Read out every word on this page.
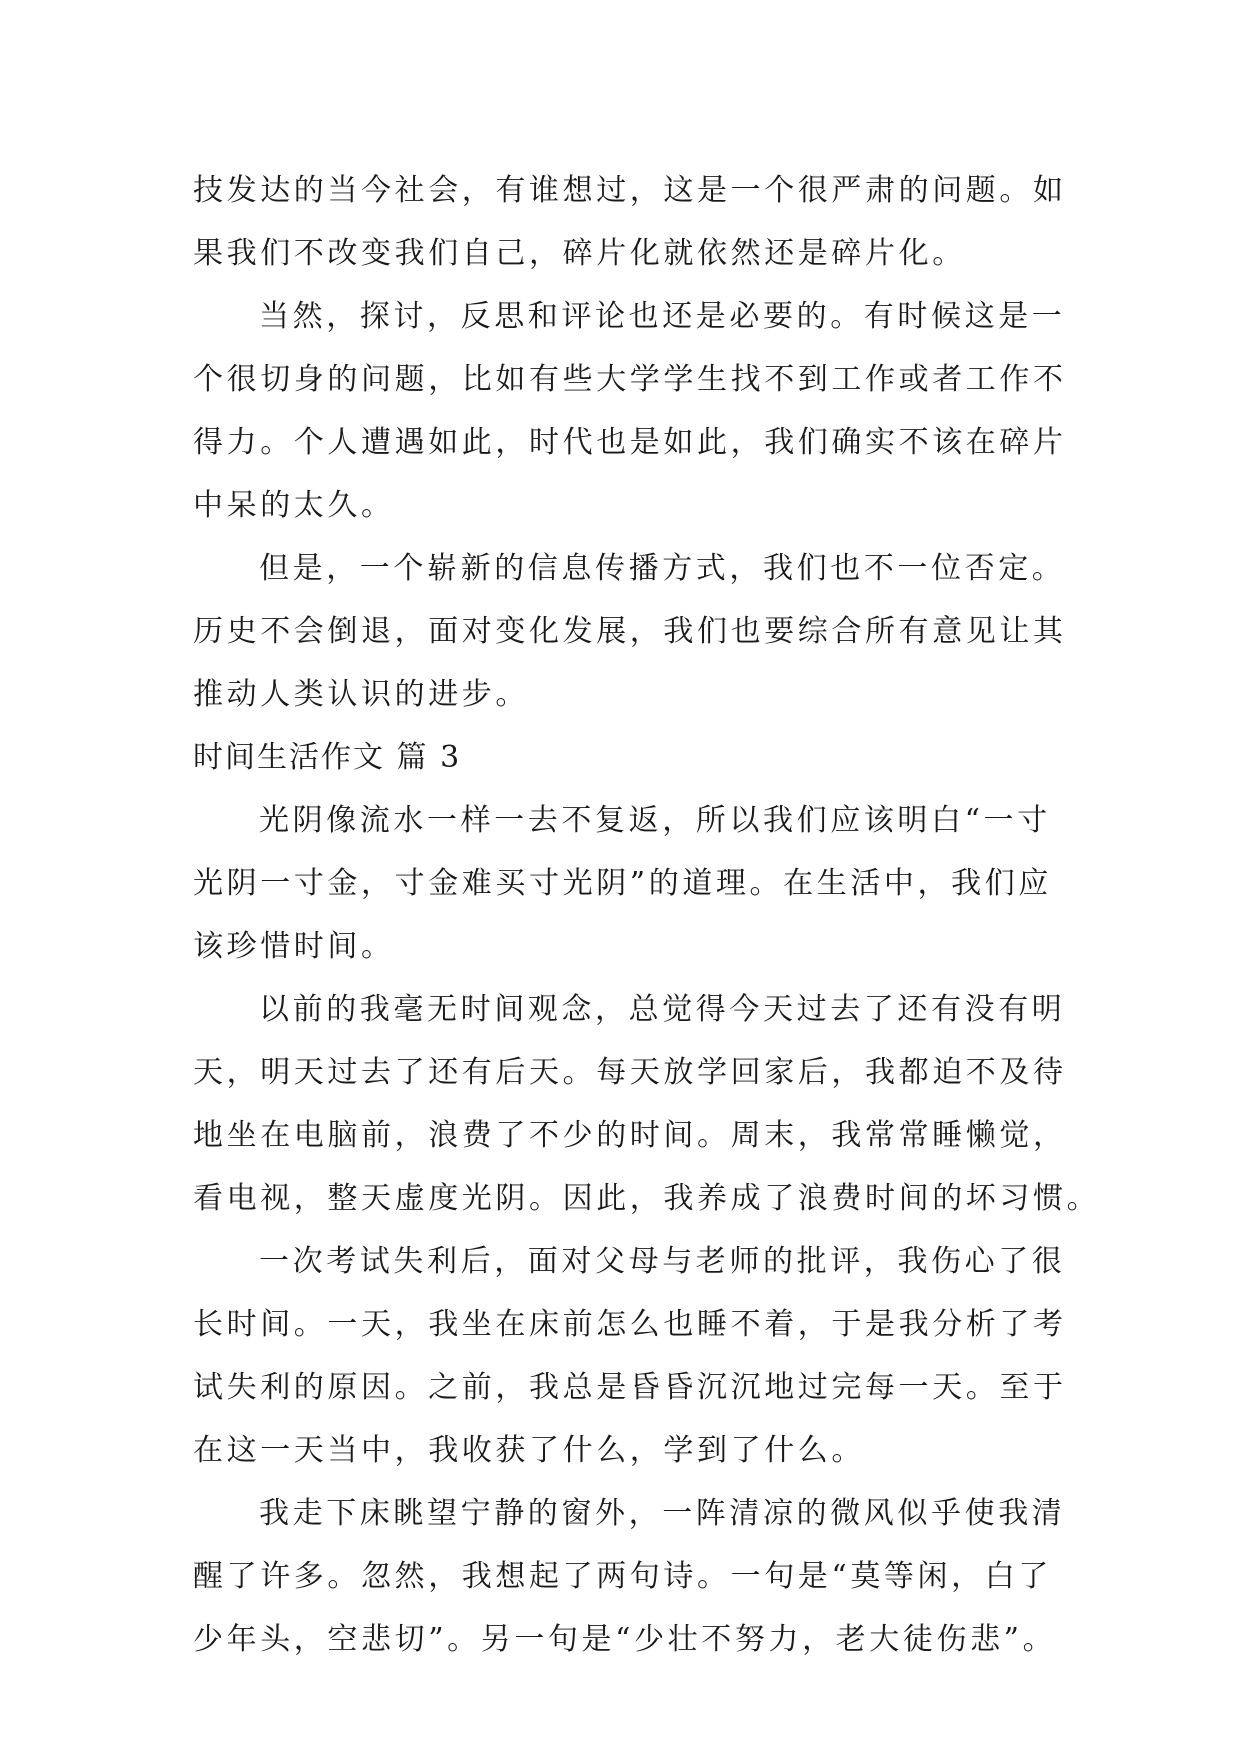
技发达的当今社会，有谁想过，这是一个很严肃的问题。如
果我们不改变我们自己，碎片化就依然还是碎片化。
当然，探讨，反思和评论也还是必要的。有时候这是一
个很切身的问题，比如有些大学学生找不到工作或者工作不
得力。个人遭遇如此，时代也是如此，我们确实不该在碎片
中呆的太久。
但是，一个崭新的信息传播方式，我们也不一位否定。
历史不会倒退，面对变化发展，我们也要综合所有意见让其
推动人类认识的进步。
时间生活作文 篇 3
光阴像流水一样一去不复返，所以我们应该明白“一寸
光阴一寸金，寸金难买寸光阴”的道理。在生活中，我们应
该珍惜时间。
以前的我毫无时间观念，总觉得今天过去了还有没有明
天，明天过去了还有后天。每天放学回家后，我都迫不及待
地坐在电脑前，浪费了不少的时间。周末，我常常睡懒觉，
看电视，整天虚度光阴。因此，我养成了浪费时间的坏习惯。
一次考试失利后，面对父母与老师的批评，我伤心了很
长时间。一天，我坐在床前怎么也睡不着，于是我分析了考
试失利的原因。之前，我总是昏昏沉沉地过完每一天。至于
在这一天当中，我收获了什么，学到了什么。
我走下床眺望宁静的窗外，一阵清凉的微风似乎使我清
醒了许多。忽然，我想起了两句诗。一句是“莫等闲，白了
少年头，空悲切”。另一句是“少壮不努力，老大徒伤悲”。
